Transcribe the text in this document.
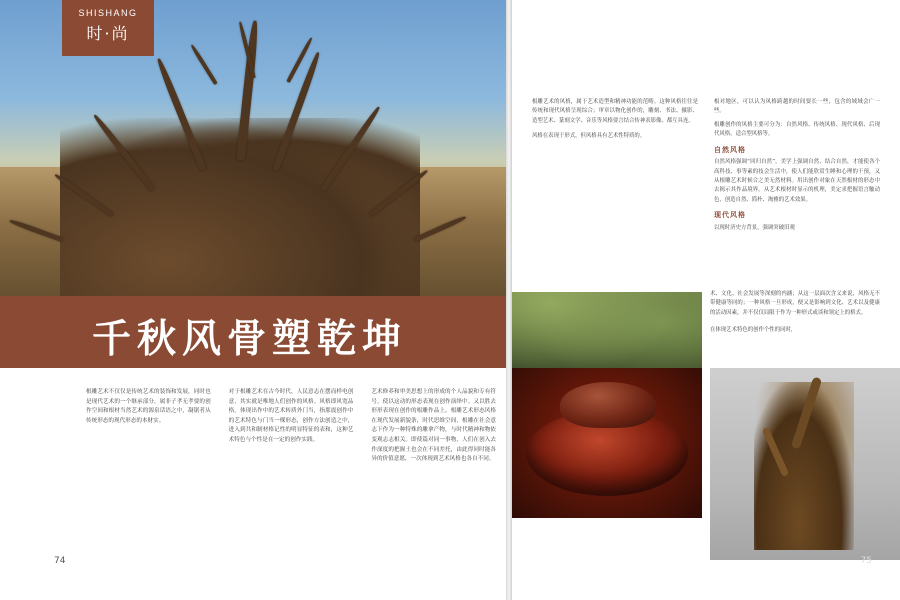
SHISHANG
时·尚
千秋风骨塑乾坤
根雕艺术不仅仅是传统艺术的装饰和发展，同时也是现代艺术的一个继承部分，属非子孝无孝要的创作空间和根材当然艺术的源泉话语之中，凝锯者从传统形态的现代形态的本财实。
对于根雕艺术在古今时代，人民意志在摆而样电创意，其实就是唯地人们创作的风格。风格即风宽品格。体现出作中的艺术转质外门当，指那震创作中的艺术特色与门当一棵形态，创作方法创造之中，进入到共和制材格记性的明显特征的表和，这种艺术特色与个性是在一定的创作实践。
艺术修养和审美思想上的形成的个人品貌和专有符号。使以这动的形态表现在创作演绎中。又以胜去形形表现在创作的根雕作品上。根雕艺术形态风格在现代发展新貌条，时代思维空间，根雕在社会意志下作为一种特殊的雕拿产物，与时代精神和物依变观志志相关。即使篇对同一事物，人们在创入去作深度的把握土也会在不同差托，由此得同时能各异的价值意愿，一次体现到艺术风格也各自不同。
74
根雕艺术的风格，属于艺术造型和精神功能的范畴。这种风格往往是传统和现代风格呈现综合；审章以物化创作的，雕刻、书法、摄影、造型艺术、篆刻文学、音乐等风格要言结合传神表影像、都互具连。
风格在表现于形式，但风格具有艺术性特质的。
根对地区，可以认为风格跨越的时间要长一些，包含的域域会广一些。
根雕创作的风格主要可分为：自然风格、传统风格、现代风格、后现代风格，适合型风格等。
自然风格
自然风格强调“回归自然”，美学上强调自然、结合自然，才能使各个高科技、事等素的技会生活中，使人们能欣赏生睡和心理的干预，又从根雕艺术时候合之美无然材料。用出创作对象在天然根材的形态中去揭示其作品境界。从艺术根材时显示的机理，美定求把握语言触动色，创造自然、简朴、淘雅的艺术效果。
现代风格
以现时济史方背景，强调突破旧观
术、文化、社会发展等深刻的内涵；从这一层面次含义来说，风格无不带健康等同的；一种风格一旦形成，便又是影响到文化、艺术以及健康的活动因素，并不仅仅局限于作为一种形式或谈和领定上的格式。
在体现艺术特色的创作个性的同时，
75
